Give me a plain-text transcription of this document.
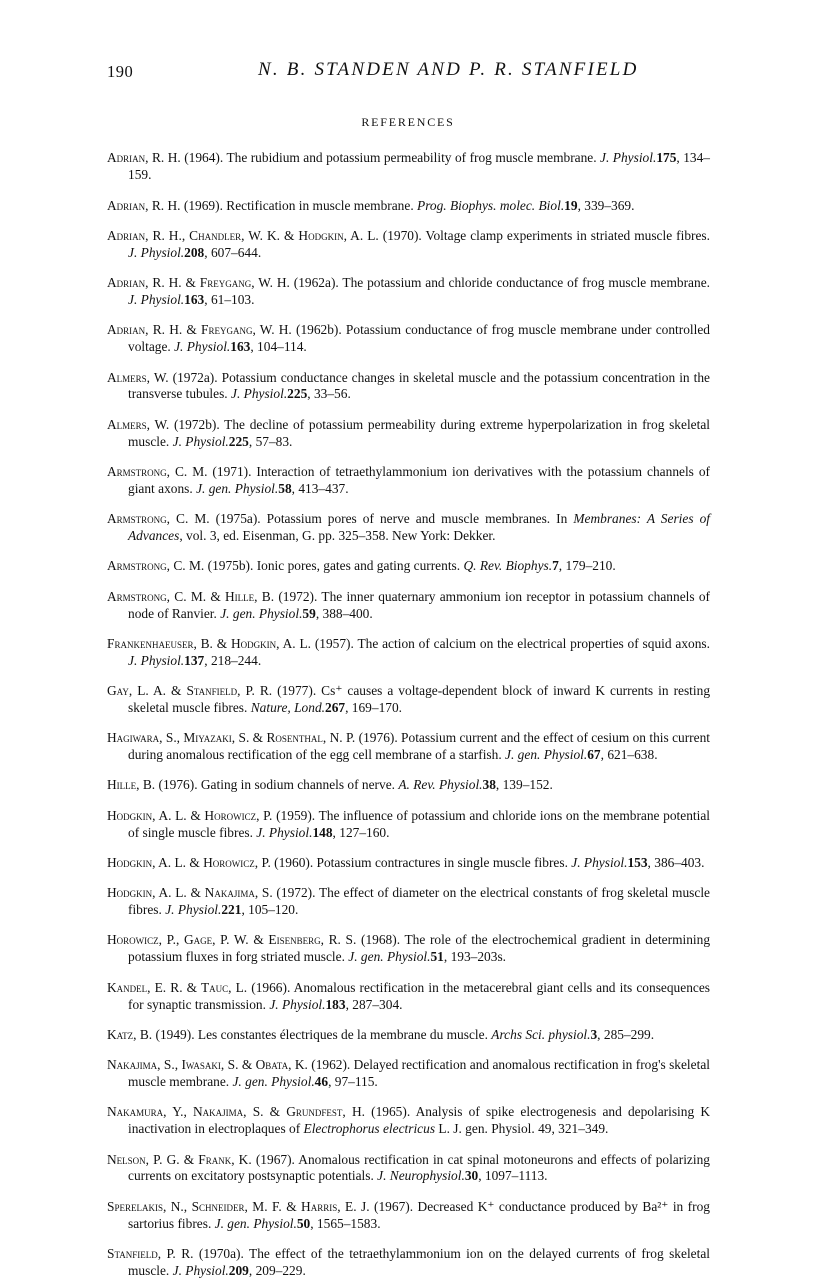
190	N. B. STANDEN AND P. R. STANFIELD
REFERENCES

Adrian, R. H. (1964). The rubidium and potassium permeability of frog muscle membrane. J. Physiol.175, 134–159.

Adrian, R. H. (1969). Rectification in muscle membrane. Prog. Biophys. molec. Biol.19, 339–369.

Adrian, R. H., Chandler, W. K. & Hodgkin, A. L. (1970). Voltage clamp experiments in striated muscle fibres. J. Physiol.208, 607–644.

Adrian, R. H. & Freygang, W. H. (1962a). The potassium and chloride conductance of frog muscle membrane. J. Physiol.163, 61–103.

Adrian, R. H. & Freygang, W. H. (1962b). Potassium conductance of frog muscle membrane under controlled voltage. J. Physiol.163, 104–114.

Almers, W. (1972a). Potassium conductance changes in skeletal muscle and the potassium concentration in the transverse tubules. J. Physiol.225, 33–56.

Almers, W. (1972b). The decline of potassium permeability during extreme hyperpolarization in frog skeletal muscle. J. Physiol.225, 57–83.

Armstrong, C. M. (1971). Interaction of tetraethylammonium ion derivatives with the potassium channels of giant axons. J. gen. Physiol.58, 413–437.

Armstrong, C. M. (1975a). Potassium pores of nerve and muscle membranes. In Membranes: A Series of Advances, vol. 3, ed. Eisenman, G. pp. 325–358. New York: Dekker.

Armstrong, C. M. (1975b). Ionic pores, gates and gating currents. Q. Rev. Biophys.7, 179–210.

Armstrong, C. M. & Hille, B. (1972). The inner quaternary ammonium ion receptor in potassium channels of node of Ranvier. J. gen. Physiol.59, 388–400.

Frankenhaeuser, B. & Hodgkin, A. L. (1957). The action of calcium on the electrical properties of squid axons. J. Physiol.137, 218–244.

Gay, L. A. & Stanfield, P. R. (1977). Cs⁺ causes a voltage-dependent block of inward K currents in resting skeletal muscle fibres. Nature, Lond.267, 169–170.

Hagiwara, S., Miyazaki, S. & Rosenthal, N. P. (1976). Potassium current and the effect of cesium on this current during anomalous rectification of the egg cell membrane of a starfish. J. gen. Physiol.67, 621–638.

Hille, B. (1976). Gating in sodium channels of nerve. A. Rev. Physiol.38, 139–152.

Hodgkin, A. L. & Horowicz, P. (1959). The influence of potassium and chloride ions on the membrane potential of single muscle fibres. J. Physiol.148, 127–160.

Hodgkin, A. L. & Horowicz, P. (1960). Potassium contractures in single muscle fibres. J. Physiol.153, 386–403.

Hodgkin, A. L. & Nakajima, S. (1972). The effect of diameter on the electrical constants of frog skeletal muscle fibres. J. Physiol.221, 105–120.

Horowicz, P., Gage, P. W. & Eisenberg, R. S. (1968). The role of the electrochemical gradient in determining potassium fluxes in forg striated muscle. J. gen. Physiol.51, 193–203s.

Kandel, E. R. & Tauc, L. (1966). Anomalous rectification in the metacerebral giant cells and its consequences for synaptic transmission. J. Physiol.183, 287–304.

Katz, B. (1949). Les constantes électriques de la membrane du muscle. Archs Sci. physiol.3, 285–299.

Nakajima, S., Iwasaki, S. & Obata, K. (1962). Delayed rectification and anomalous rectification in frog's skeletal muscle membrane. J. gen. Physiol.46, 97–115.

Nakamura, Y., Nakajima, S. & Grundfest, H. (1965). Analysis of spike electrogenesis and depolarising K inactivation in electroplaques of Electrophorus electricus L. J. gen. Physiol. 49, 321–349.

Nelson, P. G. & Frank, K. (1967). Anomalous rectification in cat spinal motoneurons and effects of polarizing currents on excitatory postsynaptic potentials. J. Neurophysiol.30, 1097–1113.

Sperelakis, N., Schneider, M. F. & Harris, E. J. (1967). Decreased K⁺ conductance produced by Ba²⁺ in frog sartorius fibres. J. gen. Physiol.50, 1565–1583.

Stanfield, P. R. (1970a). The effect of the tetraethylammonium ion on the delayed currents of frog skeletal muscle. J. Physiol.209, 209–229.
